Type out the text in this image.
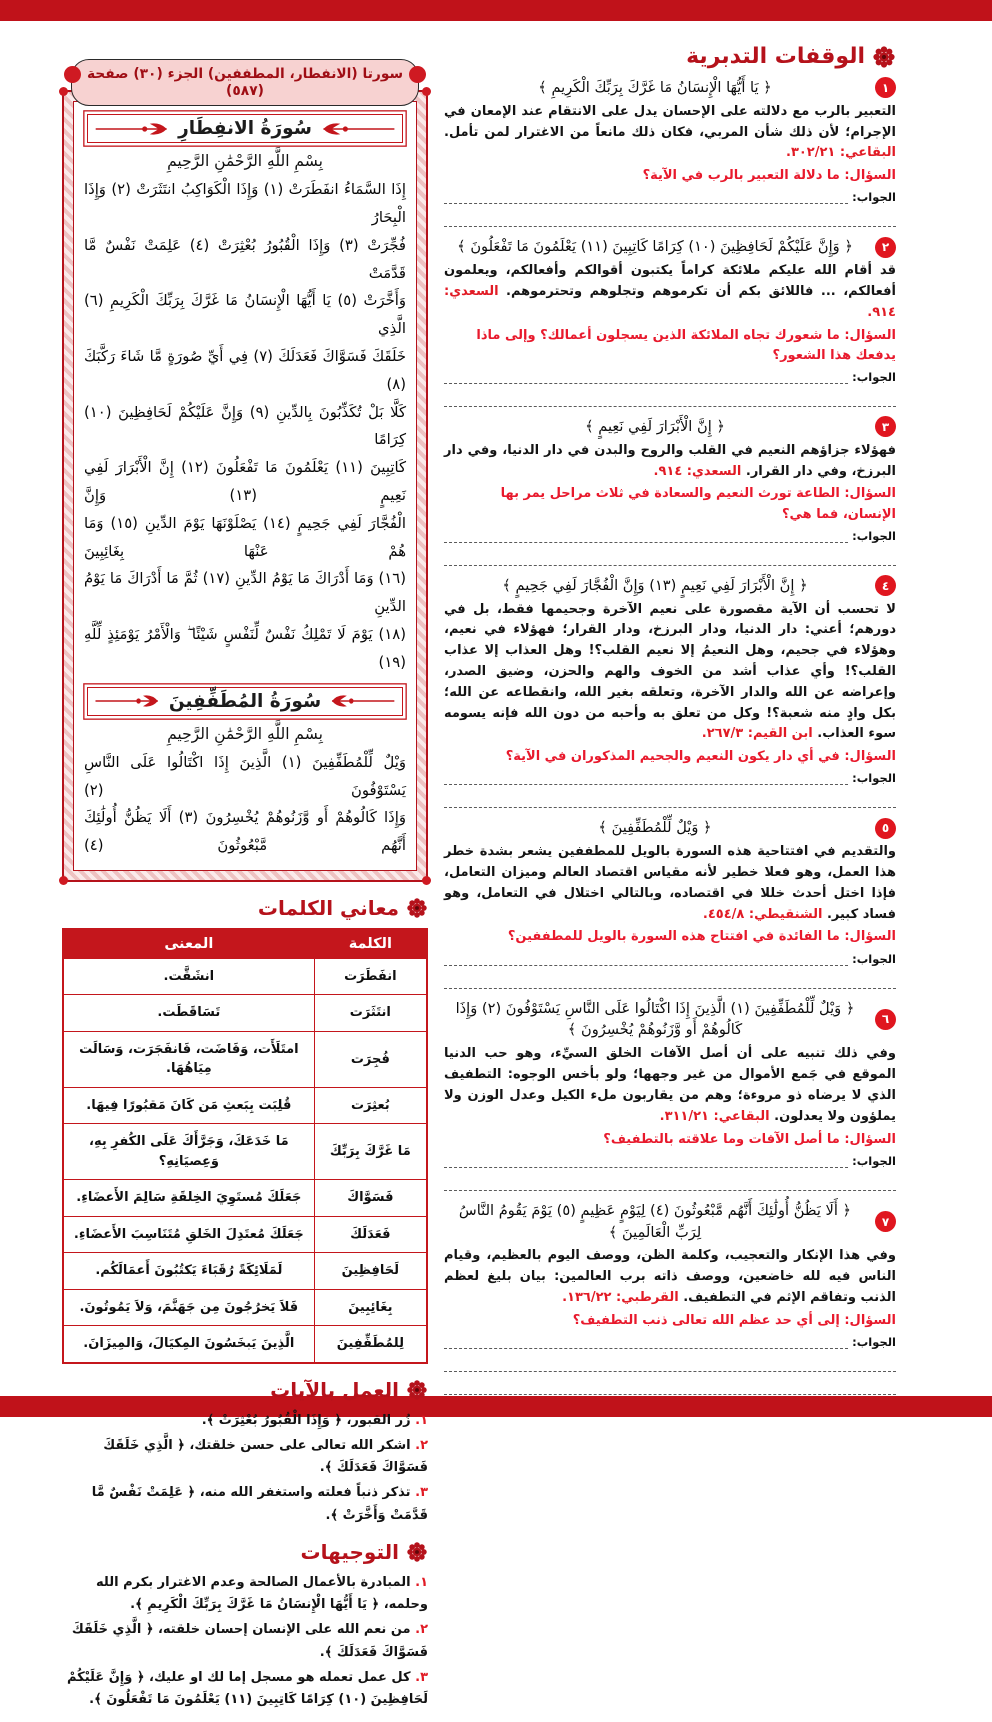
الوقفات التدبرية
١
﴿ يَا أَيُّهَا الْإِنسَانُ مَا غَرَّكَ بِرَبِّكَ الْكَرِيمِ ﴾

التعبير بالرب مع دلالته على الإحسان يدل على الانتقام عند الإمعان في الإجرام؛ لأن ذلك شأن المربي، فكان ذلك مانعاً من الاغترار لمن تأمل. البقاعي: ٣٠٢/٢١.

السؤال: ما دلالة التعبير بالرب في الآية؟

الجواب:
٢
﴿ وَإِنَّ عَلَيْكُمْ لَحَافِظِينَ (١٠) كِرَامًا كَاتِبِينَ (١١) يَعْلَمُونَ مَا تَفْعَلُونَ ﴾

قد أقام الله عليكم ملائكة كراماً يكتبون أقوالكم وأفعالكم، ويعلمون أفعالكم، ... فاللائق بكم أن تكرموهم وتجلوهم وتحترموهم. السعدي: ٩١٤.

السؤال: ما شعورك تجاه الملائكة الذين يسجلون أعمالك؟ وإلى ماذا يدفعك هذا الشعور؟

الجواب:
٣
﴿ إِنَّ الْأَبْرَارَ لَفِي نَعِيمٍ ﴾

فهؤلاء جزاؤهم النعيم في القلب والروح والبدن في دار الدنيا، وفي دار البرزخ، وفي دار القرار. السعدي: ٩١٤.

السؤال: الطاعة تورث النعيم والسعادة في ثلاث مراحل يمر بها الإنسان، فما هي؟

الجواب:
٤
﴿ إِنَّ الْأَبْرَارَ لَفِي نَعِيمٍ (١٣) وَإِنَّ الْفُجَّارَ لَفِي جَحِيمٍ ﴾

لا تحسب أن الآية مقصورة على نعيم الآخرة وجحيمها فقط، بل في دورهم؛ أعني: دار الدنيا، ودار البرزخ، ودار القرار؛ فهؤلاء في نعيم، وهؤلاء في جحيم، وهل النعيمُ إلا نعيم القلب؟! وهل العذاب إلا عذاب القلب؟! وأي عذاب أشد من الخوف والهم والحزن، وضيق الصدر، وإعراضه عن الله والدار الآخرة، وتعلقه بغير الله، وانقطاعه عن الله؛ بكل وادٍ منه شعبة؟! وكل من تعلق به وأحبه من دون الله فإنه يسومه سوء العذاب. ابن القيم: ٢٦٧/٣.

السؤال: في أي دار يكون النعيم والجحيم المذكوران في الآية؟

الجواب:
٥
﴿ وَيْلٌ لِّلْمُطَفِّفِينَ ﴾

والتقديم في افتتاحية هذه السورة بالويل للمطففين يشعر بشدة خطر هذا العمل، وهو فعلا خطير لأنه مقياس اقتصاد العالم وميزان التعامل، فإذا اختل أحدث خللا في اقتصاده، وبالتالي اختلال في التعامل، وهو فساد كبير. الشنقيطي: ٤٥٤/٨.

السؤال: ما الفائدة في افتتاح هذه السورة بالويل للمطففين؟

الجواب:
٦
﴿ وَيْلٌ لِّلْمُطَفِّفِينَ (١) الَّذِينَ إِذَا اكْتَالُوا عَلَى النَّاسِ يَسْتَوْفُونَ (٢) وَإِذَا كَالُوهُمْ أَو وَّزَنُوهُمْ يُخْسِرُونَ ﴾

وفي ذلك تنبيه على أن أصل الآفات الخلق السيِّء، وهو حب الدنيا الموقع في جَمع الأموال من غير وجهها؛ ولو بأخس الوجوه: التطفيف الذي لا يرضاه ذو مروءة؛ وهم من يقاربون ملء الكيل وعدل الوزن ولا يملؤون ولا يعدلون. البقاعي: ٣١١/٢١.

السؤال: ما أصل الآفات وما علاقته بالتطفيف؟

الجواب:
٧
﴿ أَلَا يَظُنُّ أُولَٰئِكَ أَنَّهُم مَّبْعُوثُونَ (٤) لِيَوْمٍ عَظِيمٍ (٥) يَوْمَ يَقُومُ النَّاسُ لِرَبِّ الْعَالَمِينَ ﴾

وفي هذا الإنكار والتعجيب، وكلمة الظن، ووصف اليوم بالعظيم، وقيام الناس فيه لله خاضعين، ووصف ذاته برب العالمين: بيان بليغ لعظم الذنب وتفاقم الإثم في التطفيف. القرطبي: ١٣٦/٢٢.

السؤال: إلى أي حد عظم الله تعالى ذنب التطفيف؟

الجواب:
سورتا (الانفطار، المطففين) الجزء (٣٠) صفحة (٥٨٧)
سُورَةُ الانفِطَارِ
بِسْمِ اللَّهِ الرَّحْمَٰنِ الرَّحِيمِ
إِذَا السَّمَاءُ انفَطَرَتْ (١) وَإِذَا الْكَوَاكِبُ انتَثَرَتْ (٢) وَإِذَا الْبِحَارُ
فُجِّرَتْ (٣) وَإِذَا الْقُبُورُ بُعْثِرَتْ (٤) عَلِمَتْ نَفْسٌ مَّا قَدَّمَتْ
وَأَخَّرَتْ (٥) يَا أَيُّهَا الْإِنسَانُ مَا غَرَّكَ بِرَبِّكَ الْكَرِيمِ (٦) الَّذِي
خَلَقَكَ فَسَوَّاكَ فَعَدَلَكَ (٧) فِي أَيِّ صُورَةٍ مَّا شَاءَ رَكَّبَكَ (٨)
كَلَّا بَلْ تُكَذِّبُونَ بِالدِّينِ (٩) وَإِنَّ عَلَيْكُمْ لَحَافِظِينَ (١٠) كِرَامًا
كَاتِبِينَ (١١) يَعْلَمُونَ مَا تَفْعَلُونَ (١٢) إِنَّ الْأَبْرَارَ لَفِي نَعِيمٍ (١٣) وَإِنَّ
الْفُجَّارَ لَفِي جَحِيمٍ (١٤) يَصْلَوْنَهَا يَوْمَ الدِّينِ (١٥) وَمَا هُمْ عَنْهَا بِغَائِبِينَ
(١٦) وَمَا أَدْرَاكَ مَا يَوْمُ الدِّينِ (١٧) ثُمَّ مَا أَدْرَاكَ مَا يَوْمُ الدِّينِ
(١٨) يَوْمَ لَا تَمْلِكُ نَفْسٌ لِّنَفْسٍ شَيْئًا ۖ وَالْأَمْرُ يَوْمَئِذٍ لِّلَّهِ (١٩)
سُورَةُ المُطَفِّفِينَ
بِسْمِ اللَّهِ الرَّحْمَٰنِ الرَّحِيمِ
وَيْلٌ لِّلْمُطَفِّفِينَ (١) الَّذِينَ إِذَا اكْتَالُوا عَلَى النَّاسِ يَسْتَوْفُونَ (٢)
وَإِذَا كَالُوهُمْ أَو وَّزَنُوهُمْ يُخْسِرُونَ (٣) أَلَا يَظُنُّ أُولَٰئِكَ أَنَّهُم مَّبْعُوثُونَ (٤)
معاني الكلمات
الكلمة	المعنى
انفَطَرَت	انشَقَّت.
انتَثَرَت	تَسَاقَطَت.
فُجِرَت	امتَلَأَت، وَفَاضَت، فَانفَجَرَت، وَسَالَت مِيَاهُهَا.
بُعثِرَت	قُلِبَت بِبَعثِ مَن كَانَ مَقبُورًا فِيهَا.
مَا غَرَّكَ بِرَبِّكَ	مَا خَدَعَكَ، وَجَرَّأَكَ عَلَى الكُفرِ بِهِ، وَعِصيَانِهِ؟
فَسَوَّاكَ	جَعَلَكَ مُستَوِيَ الخِلقَةِ سَالِمَ الأَعضَاءِ.
فَعَدَلَكَ	جَعَلَكَ مُعتَدِلَ الخَلقِ مُتَنَاسِبَ الأَعضَاءِ.
لَحَافِظِينَ	لَمَلَائِكَةً رُقَبَاءَ يَكتُبُونَ أَعمَالَكُم.
بِغَائِبِينَ	فَلاَ يَخرُجُونَ مِن جَهَنَّمَ، وَلاَ يَمُوتُونَ.
لِلمُطَفِّفِينَ	الَّذِينَ يَبخَسُونَ المِكيَالَ، وَالمِيزَانَ.
العمل بالآيات
١. زُر القبور، ﴿ وَإِذَا الْقُبُورُ بُعْثِرَتْ ﴾.
٢. اشكر الله تعالى على حسن خلقتك، ﴿ الَّذِي خَلَقَكَ فَسَوَّاكَ فَعَدَلَكَ ﴾.
٣. تذكر ذنباً فعلته واستغفر الله منه، ﴿ عَلِمَتْ نَفْسٌ مَّا قَدَّمَتْ وَأَخَّرَتْ ﴾.
التوجيهات
١. المبادرة بالأعمال الصالحة وعدم الاغترار بكرم الله وحلمه، ﴿ يَا أَيُّهَا الْإِنسَانُ مَا غَرَّكَ بِرَبِّكَ الْكَرِيمِ ﴾.
٢. من نعم الله على الإنسان إحسان خلقته، ﴿ الَّذِي خَلَقَكَ فَسَوَّاكَ فَعَدَلَكَ ﴾.
٣. كل عمل تعمله هو مسجل إما لك او عليك، ﴿ وَإِنَّ عَلَيْكُمْ لَحَافِظِينَ (١٠) كِرَامًا كَاتِبِينَ (١١) يَعْلَمُونَ مَا تَفْعَلُونَ ﴾.
